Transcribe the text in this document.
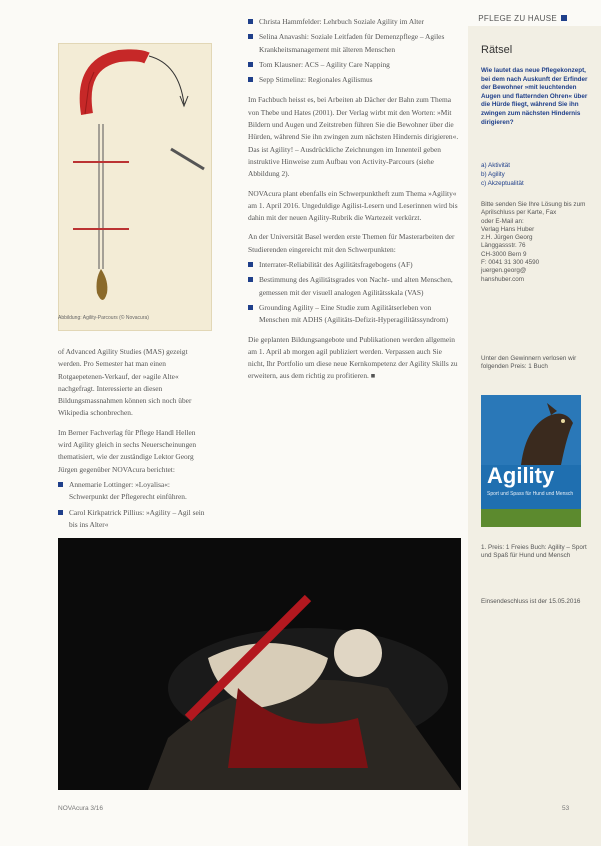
PFLEGE ZU HAUSE
Abbildung: Agility-Parcours (© Novacura)

of Advanced Agility Studies (MAS) gezeigt werden. Pro Semester hat man einen Rotgaepetenen-Verkauf, der »agile Alte« nachgefragt. Interessierte an diesen Bildungsmassnahmen können sich noch über Wikipedia schonbrechen.

Im Berner Fachverlag für Pflege Handl Hellen wird Agility gleich in sechs Neuerscheinungen thematisiert, wie der zuständige Lektor Georg Jürgen gegenüber NOVAcura berichtet:

Annemarie Lottinger: »Loyalisa«: Schwerpunkt der Pflegerecht einführen.
Carol Kirkpatrick Pillius: »Agility – Agil sein bis ins Alter«
Christa Hammfelder: Lehrbuch Soziale Agility im Alter
Selina Anavashi: Soziale Leitfaden für Demenzpflege – Agiles Krankheitsmanagement mit älteren Menschen
Tom Klausner: ACS – Agility Care Napping
Sepp Stimelinz: Regionales Agilismus

Im Fachbuch heisst es, bei Arbeiten ab Dächer der Bahn zum Thema von Thebe und Hates (2001). Der Verlag wirbt mit den Worten: »Mit Bildern und Augen und Zeitstreben führen Sie die Bewohner über die Hürden, während Sie ihn zwingen zum nächsten Hindernis dirigieren«. Das ist Agility! – Ausdrückliche Zeichnungen im Innenteil geben instruktive Hinweise zum Aufbau von Activity-Parcours (siehe Abbildung 2).

NOVAcura plant ebenfalls ein Schwerpunktheft zum Thema »Agility« am 1. April 2016. Ungeduldige Agilist-Lesern und Leserinnen wird bis dahin mit der neuen Agility-Rubrik die Wartezeit verkürzt.

An der Universität Basel werden erste Themen für Masterarbeiten der Studierenden eingereicht mit den Schwerpunkten:

Interrater-Reliabilität des Agilitätsfragebogens (AF)
Bestimmung des Agilitätsgrades von Nacht- und alten Menschen, gemessen mit der visuell analogen Agilitätsskala (VAS)
Grounding Agility – Eine Studie zum Agilitätserleben von Menschen mit ADHS (Agilitäts-Defizit-Hyperagilitätssyndrom)

Die geplanten Bildungsangebote und Publikationen werden allgemein am 1. April ab morgen agil publiziert werden. Verpassen auch Sie nicht, Ihr Portfolio um diese neue Kernkompetenz der Agility Skills zu erweitern, aus dem richtig zu profitieren. ■

Rätsel
Wie lautet das neue Pflegekonzept, bei dem nach Auskunft der Erfinder der Bewohner »mit leuchtenden Augen und flatternden Ohren« über die Hürde fliegt, während Sie ihn zwingen zum nächsten Hindernis dirigieren?
a) Aktivität
b) Agility
c) Akzeptualität
Bitte senden Sie Ihre Lösung bis zum
Aprilschluss per Karte, Fax
oder E-Mail an:
Verlag Hans Huber
z.H. Jürgen Georg
Länggassstr. 76
CH-3000 Bern 9
F: 0041 31 300 4590
juergen.georg@
hanshuber.com
Unter den Gewinnern verlosen wir folgenden Preis: 1 Buch
Agility
Sport und Spass für Hund und Mensch
1. Preis: 1 Freies Buch: Agility – Sport und Spaß für Hund und Mensch
Einsendeschluss ist der 15.05.2016
NOVAcura 3/16	53
